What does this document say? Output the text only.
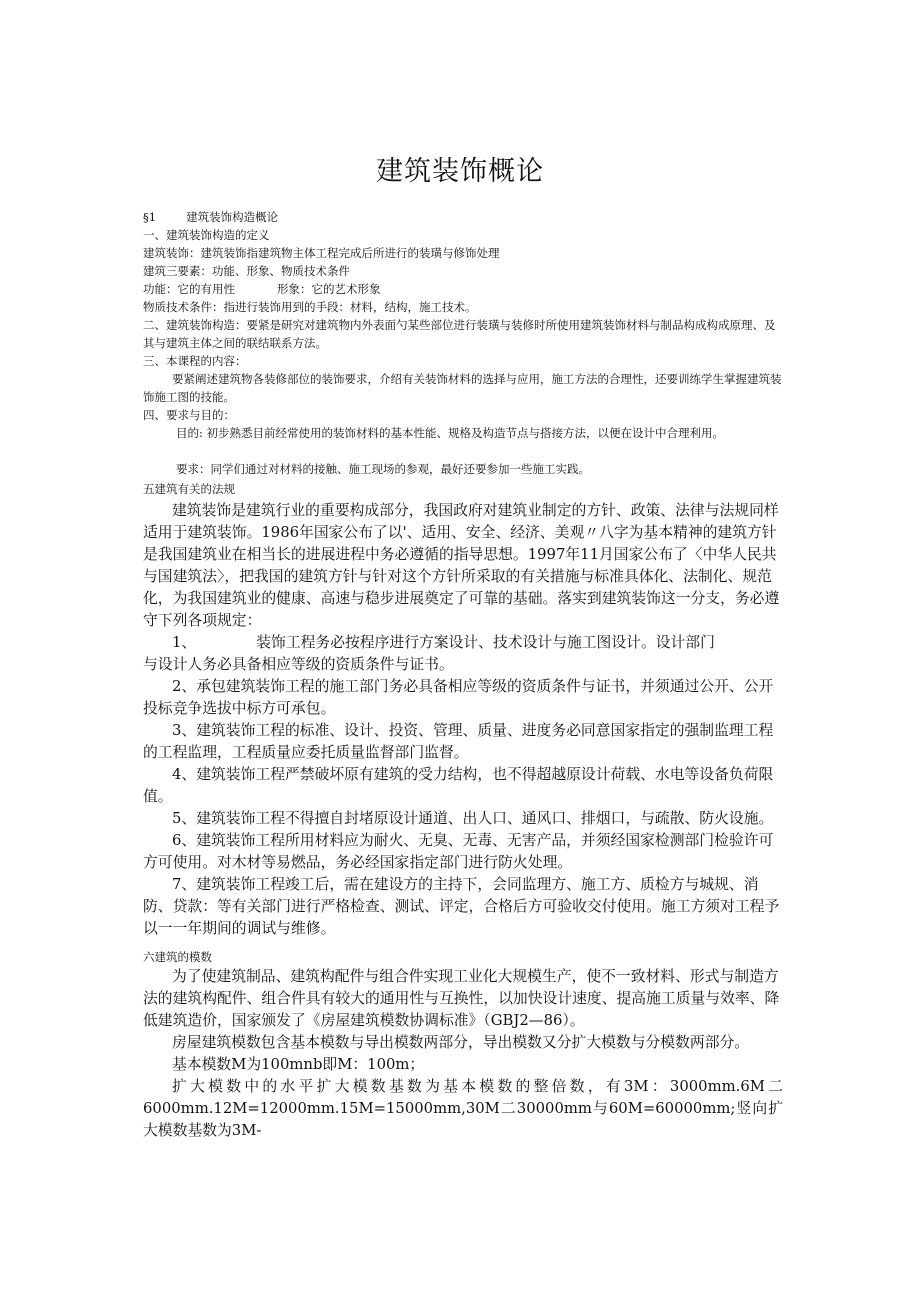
建筑装饰概论
§1	建筑装饰构造概论
一、建筑装饰构造的定义
建筑装饰：建筑装饰指建筑物主体工程完成后所进行的装璜与修饰处理
建筑三要素：功能、形象、物质技术条件
功能：它的有用性	形象：它的艺术形象
物质技术条件：指进行装饰用到的手段：材料，结构，施工技术。
二、建筑装饰构造：要紧是研究对建筑物内外表面勺某些部位进行装璜与装修时所使用建筑装饰材料与制品构成构成原理、及其与建筑主体之间的联结联系方法。
三、本课程的内容：
要紧阐述建筑物各装修部位的装饰要求，介绍有关装饰材料的选择与应用，施工方法的合理性，还要训练学生掌握建筑装饰施工图的技能。
四、要求与目的：
目的: 初步熟悉目前经常使用的装饰材料的基本性能、规格及构造节点与搭接方法，以便在设计中合理利用。
要求：同学们通过对材料的接触、施工现场的参观，最好还要参加一些施工实践。
五建筑有关的法规
建筑装饰是建筑行业的重要构成部分，我国政府对建筑业制定的方针、政策、法律与法规同样适用于建筑装饰。1986年国家公布了以'、适用、安全、经济、美观〃八字为基本精神的建筑方针是我国建筑业在相当长的进展进程中务必遵循的指导思想。1997年11月国家公布了〈中华人民共与国建筑法〉，把我国的建筑方针与针对这个方针所采取的有关措施与标准具体化、法制化、规范化，为我国建筑业的健康、高速与稳步进展奠定了可靠的基础。落实到建筑装饰这一分支，务必遵守下列各项规定：
1、	装饰工程务必按程序进行方案设计、技术设计与施工图设计。设计部门
与设计人务必具备相应等级的资质条件与证书。
2、承包建筑装饰工程的施工部门务必具备相应等级的资质条件与证书，并须通过公开、公开投标竞争选拔中标方可承包。
3、建筑装饰工程的标准、设计、投资、管理、质量、进度务必同意国家指定的强制监理工程的工程监理，工程质量应委托质量监督部门监督。
4、建筑装饰工程严禁破坏原有建筑的受力结构，也不得超越原设计荷载、水电等设备负荷限值。
5、建筑装饰工程不得擅自封堵原设计通道、出人口、通风口、排烟口，与疏散、防火设施。
6、建筑装饰工程所用材料应为耐火、无臭、无毒、无害产品，并须经国家检测部门检验许可方可使用。对木材等易燃品，务必经国家指定部门进行防火处理。
7、建筑装饰工程竣工后，需在建设方的主持下，会同监理方、施工方、质检方与城规、消防、贷款：等有关部门进行严格检查、测试、评定，合格后方可验收交付使用。施工方须对工程予以一一年期间的调试与维修。
六建筑的模数
为了使建筑制品、建筑构配件与组合件实现工业化大规模生产，使不一致材料、形式与制造方法的建筑构配件、组合件具有较大的通用性与互换性，以加快设计速度、提高施工质量与效率、降低建筑造价，国家颁发了《房屋建筑模数协调标准》（GBJ2—86）。
房屋建筑模数包含基本模数与导出模数两部分，导出模数又分扩大模数与分模数两部分。
基本模数M为100mnb即M：100m；
扩大模数中的水平扩大模数基数为基本模数的整倍数，有3M：3000mm.6M二6000mm.12M=12000mm.15M=15000mm,30M二30000mm与60M=60000mm;竖向扩大模数基数为3M-
